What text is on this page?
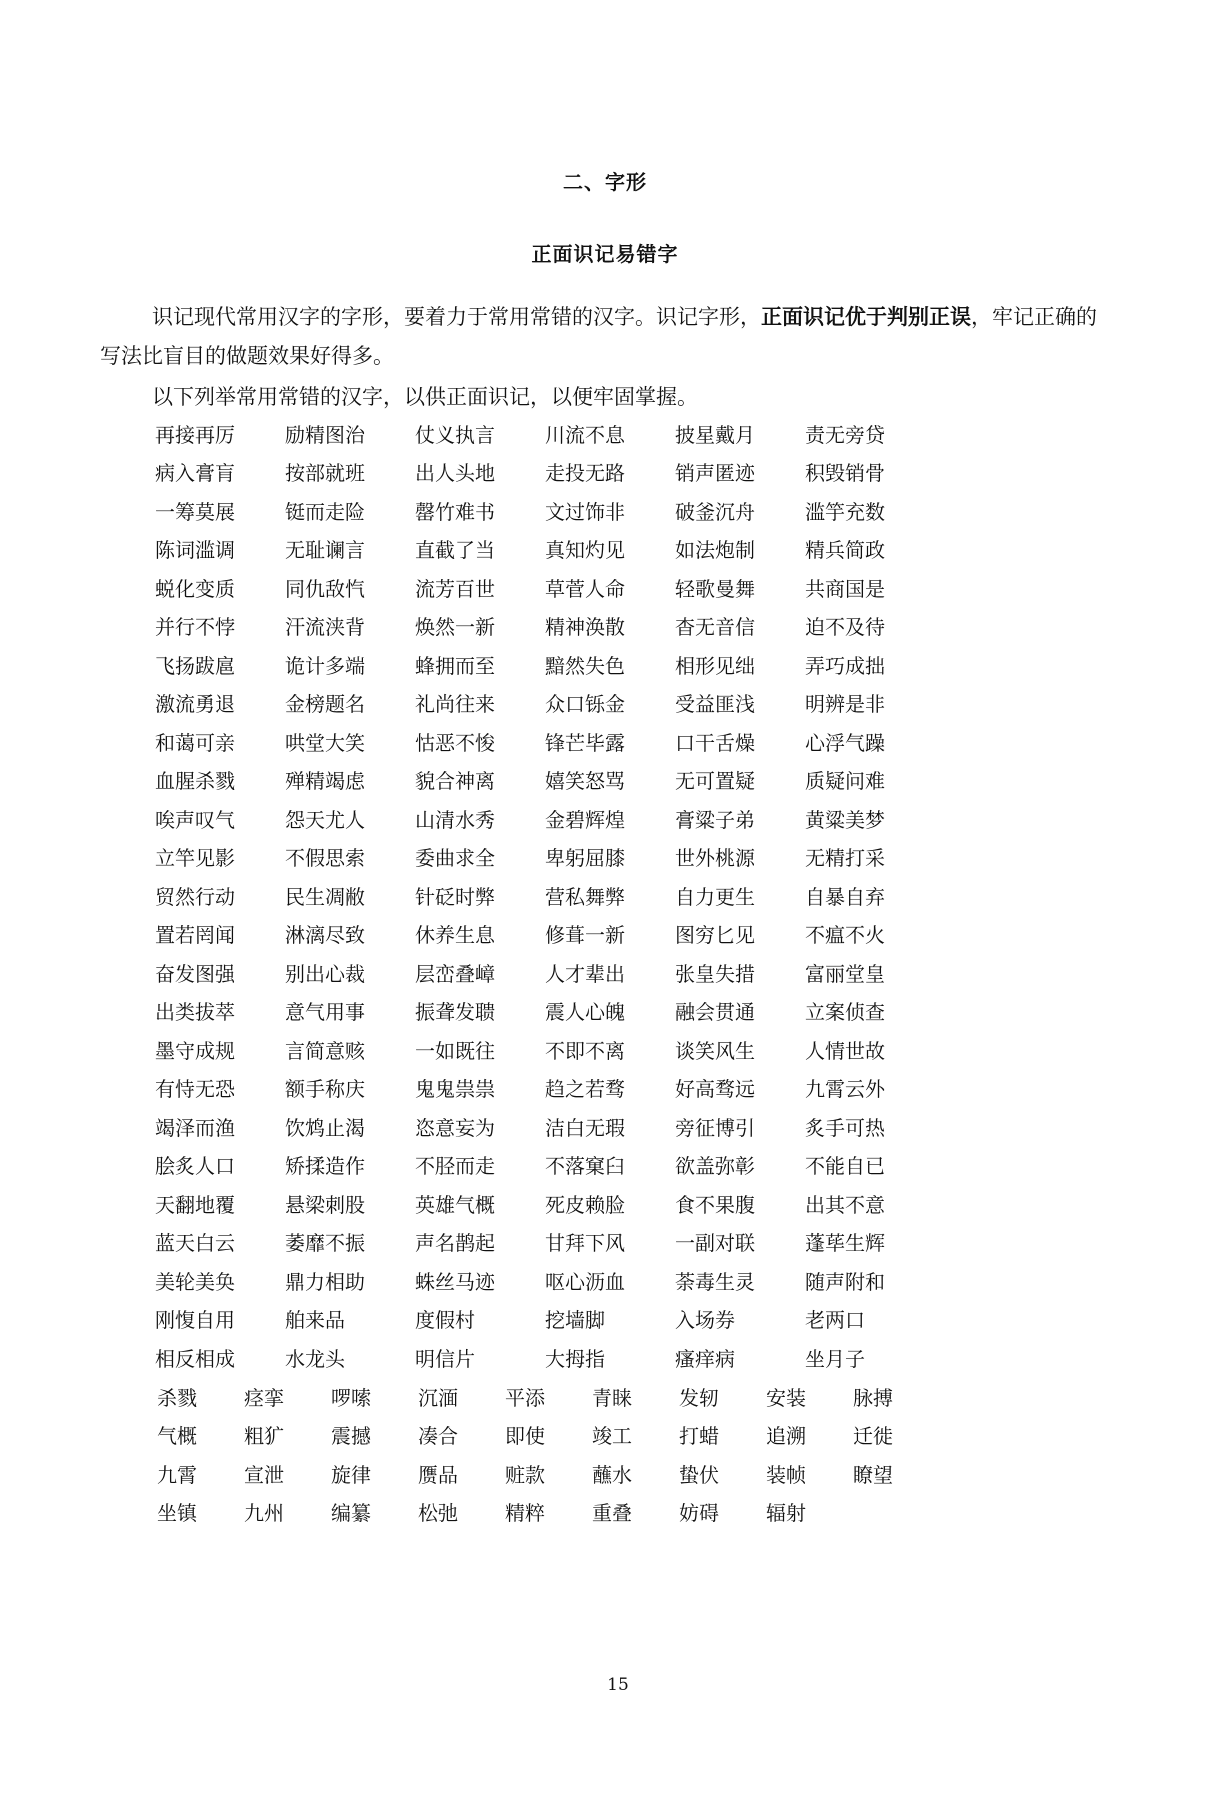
二、字形
正面识记易错字
识记现代常用汉字的字形，要着力于常用常错的汉字。识记字形，正面识记优于判别正误，牢记正确的写法比盲目的做题效果好得多。
以下列举常用常错的汉字，以供正面识记，以便牢固掌握。
再接再厉	励精图治	仗义执言	川流不息	披星戴月	责无旁贷
病入膏肓	按部就班	出人头地	走投无路	销声匿迹	积毁销骨
一筹莫展	铤而走险	罄竹难书	文过饰非	破釜沉舟	滥竽充数
陈词滥调	无耻谰言	直截了当	真知灼见	如法炮制	精兵简政
蜕化变质	同仇敌忾	流芳百世	草菅人命	轻歌曼舞	共商国是
并行不悖	汗流浃背	焕然一新	精神涣散	杳无音信	迫不及待
飞扬跋扈	诡计多端	蜂拥而至	黯然失色	相形见绌	弄巧成拙
激流勇退	金榜题名	礼尚往来	众口铄金	受益匪浅	明辨是非
和蔼可亲	哄堂大笑	怙恶不悛	锋芒毕露	口干舌燥	心浮气躁
血腥杀戮	殚精竭虑	貌合神离	嬉笑怒骂	无可置疑	质疑问难
唉声叹气	怨天尤人	山清水秀	金碧辉煌	膏粱子弟	黄粱美梦
立竿见影	不假思索	委曲求全	卑躬屈膝	世外桃源	无精打采
贸然行动	民生凋敝	针砭时弊	营私舞弊	自力更生	自暴自弃
置若罔闻	淋漓尽致	休养生息	修葺一新	图穷匕见	不瘟不火
奋发图强	别出心裁	层峦叠嶂	人才辈出	张皇失措	富丽堂皇
出类拔萃	意气用事	振聋发聩	震人心魄	融会贯通	立案侦查
墨守成规	言简意赅	一如既往	不即不离	谈笑风生	人情世故
有恃无恐	额手称庆	鬼鬼祟祟	趋之若骛	好高骛远	九霄云外
竭泽而渔	饮鸩止渴	恣意妄为	洁白无瑕	旁征博引	炙手可热
脍炙人口	矫揉造作	不胫而走	不落窠臼	欲盖弥彰	不能自已
天翻地覆	悬梁刺股	英雄气概	死皮赖脸	食不果腹	出其不意
蓝天白云	萎靡不振	声名鹊起	甘拜下风	一副对联	蓬荜生辉
美轮美奂	鼎力相助	蛛丝马迹	呕心沥血	荼毒生灵	随声附和
刚愎自用	舶来品	度假村	挖墙脚	入场券	老两口
相反相成	水龙头	明信片	大拇指	瘙痒病	坐月子
杀戮	痉挛	啰嗦	沉湎	平添	青睐	发轫	安装	脉搏
气概	粗犷	震撼	凑合	即使	竣工	打蜡	追溯	迁徙
九霄	宣泄	旋律	赝品	赃款	蘸水	蛰伏	装帧	瞭望
坐镇	九州	编纂	松弛	精粹	重叠	妨碍	辐射
15
